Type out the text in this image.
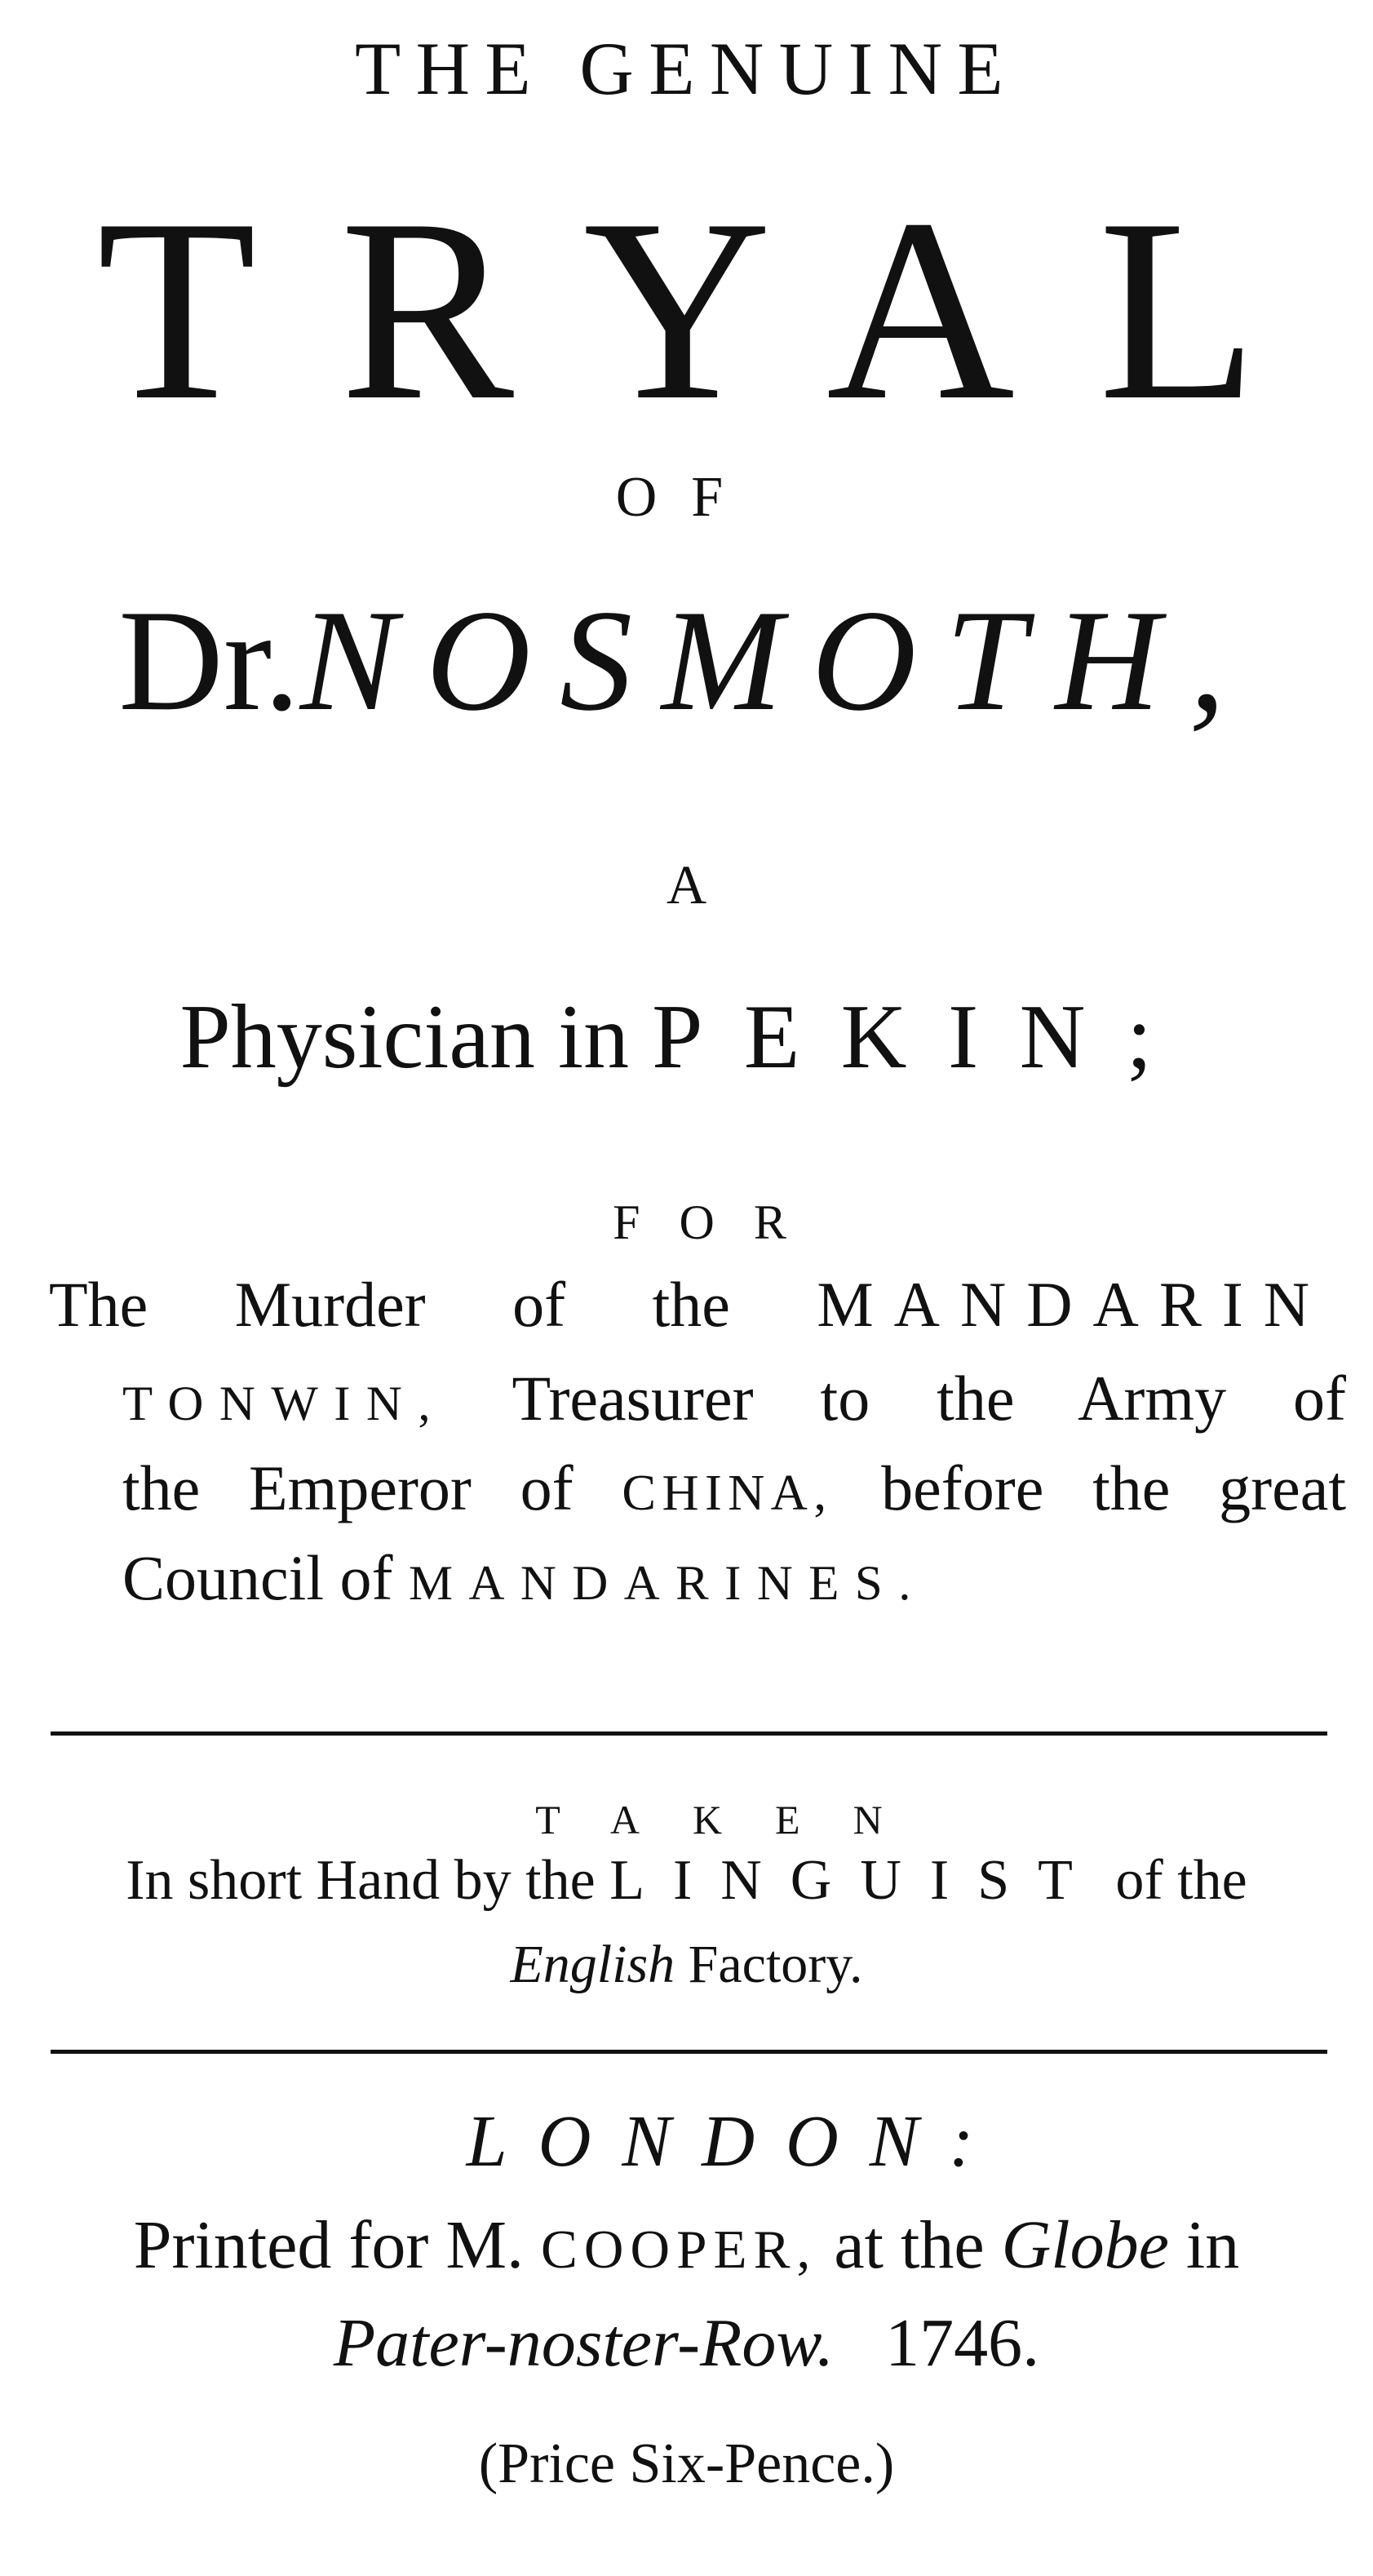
THE GENUINE
TRYAL
OF
Dr.NOSMOTH,
A
Physician in PEKIN;
FOR
The Murder of the MANDARIN
TONWIN, Treasurer to the Army of
the Emperor of CHINA, before the great
Council of MANDARINES.
TAKEN
In short Hand by the LINGUIST of the
English Factory.
LONDON:
Printed for M. COOPER, at the Globe in
Pater-noster-Row. 1746.
(Price Six-Pence.)
